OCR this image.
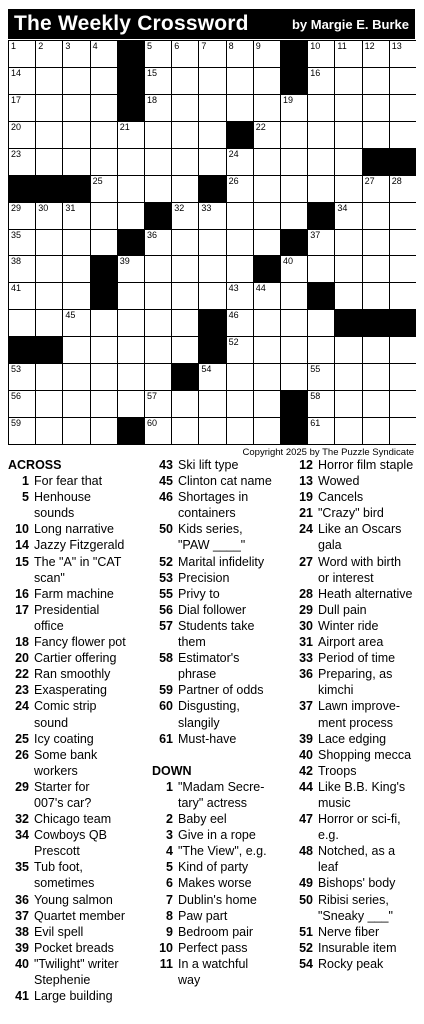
The Weekly Crossword	by Margie E. Burke
1 2 3 4	5 6 7 8 9	10 11 12 13
14	15	16
17	18	19
20	21	22
23	24
25	26	27 28
29 30 31	32 33	34
35	36	37
38	39	40
41	43 44
45	46
52
53	54	55
56	57	58
59	60	61
Copyright 2025 by The Puzzle Syndicate
ACROSS
1 For fear that
5 Henhouse
sounds
10 Long narrative
14 Jazzy Fitzgerald
15 The "A" in "CAT
scan"
16 Farm machine
17 Presidential
office
18 Fancy flower pot
20 Cartier offering
22 Ran smoothly
23 Exasperating
24 Comic strip
sound
25 Icy coating
26 Some bank
workers
29 Starter for
007's car?
32 Chicago team
34 Cowboys QB
Prescott
35 Tub foot,
sometimes
36 Young salmon
37 Quartet member
38 Evil spell
39 Pocket breads
40 "Twilight" writer
Stephenie
41 Large building
43 Ski lift type
45 Clinton cat name
46 Shortages in
containers
50 Kids series,
"PAW ____"
52 Marital infidelity
53 Precision
55 Privy to
56 Dial follower
57 Students take
them
58 Estimator's
phrase
59 Partner of odds
60 Disgusting,
slangily
61 Must-have
DOWN
1 "Madam Secre-
tary" actress
2 Baby eel
3 Give in a rope
4 "The View", e.g.
5 Kind of party
6 Makes worse
7 Dublin's home
8 Paw part
9 Bedroom pair
10 Perfect pass
11 In a watchful
way
12 Horror film staple
13 Wowed
19 Cancels
21 "Crazy" bird
24 Like an Oscars
gala
27 Word with birth
or interest
28 Heath alternative
29 Dull pain
30 Winter ride
31 Airport area
33 Period of time
36 Preparing, as
kimchi
37 Lawn improve-
ment process
39 Lace edging
40 Shopping mecca
42 Troops
44 Like B.B. King's
music
47 Horror or sci-fi,
e.g.
48 Notched, as a
leaf
49 Bishops' body
50 Ribisi series,
"Sneaky ___"
51 Nerve fiber
52 Insurable item
54 Rocky peak
